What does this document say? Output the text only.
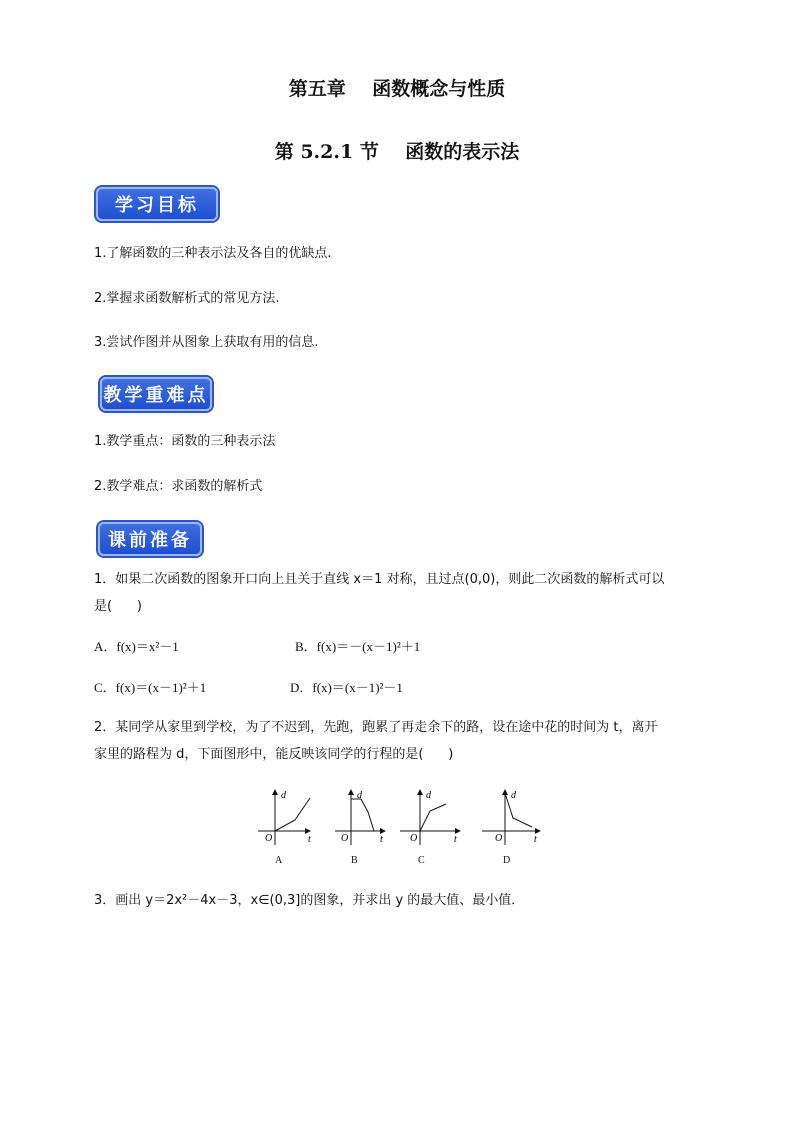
第五章    函数概念与性质
第 5.2.1 节    函数的表示法
学习目标
1.了解函数的三种表示法及各自的优缺点.
2.掌握求函数解析式的常见方法.
3.尝试作图并从图象上获取有用的信息.
教学重难点
1.教学重点：函数的三种表示法
2.教学难点：求函数的解析式
课前准备
1．如果二次函数的图象开口向上且关于直线 x＝1 对称，且过点(0,0)，则此二次函数的解析式可以
是(      )
A．f(x)＝x²－1	B．f(x)＝－(x－1)²＋1
C．f(x)＝(x－1)²＋1	D．f(x)＝(x－1)²－1
2．某同学从家里到学校，为了不迟到，先跑，跑累了再走余下的路，设在途中花的时间为 t，离开
家里的路程为 d，下面图形中，能反映该同学的行程的是(      )
d
t
O
d
t
O
d
t
O
d
t
O
A	B	C	D
3．画出 y＝2x²－4x－3，x∈(0,3]的图象，并求出 y 的最大值、最小值．
